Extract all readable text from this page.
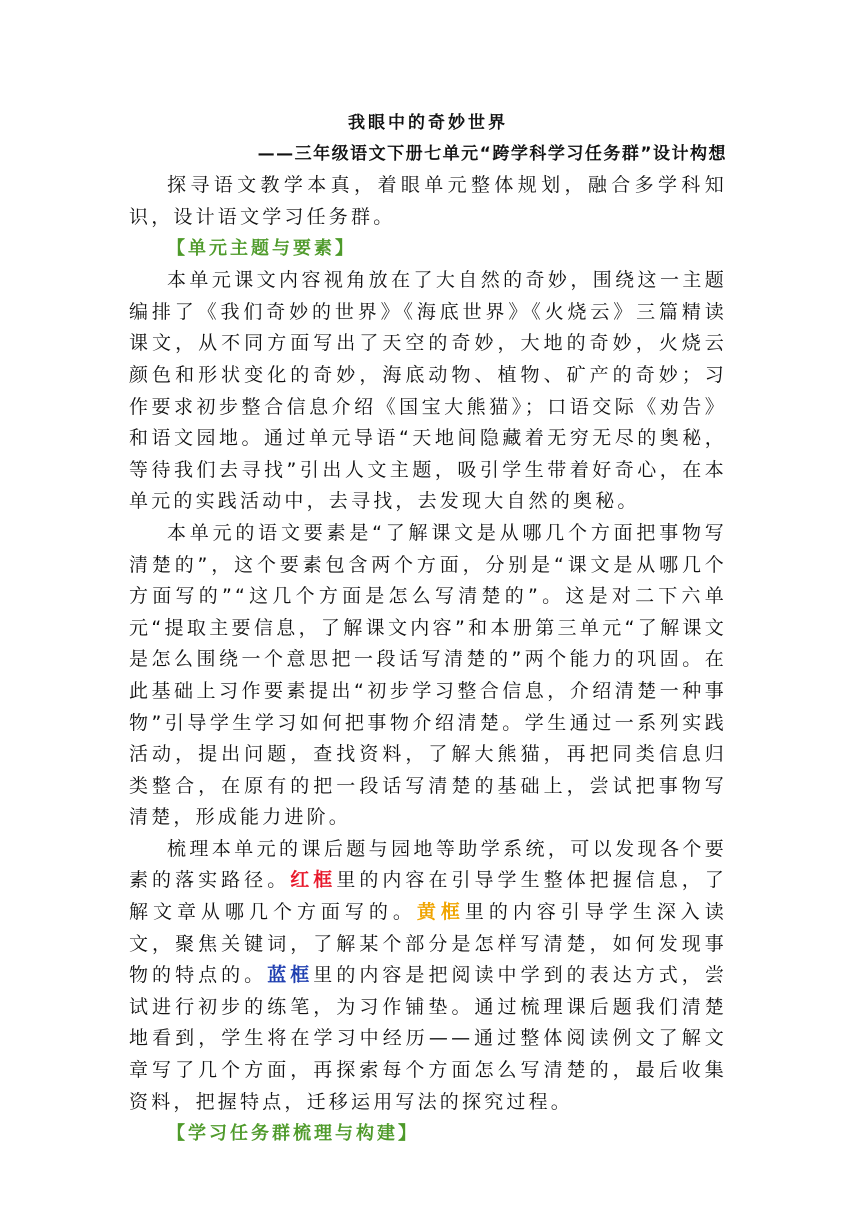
我眼中的奇妙世界
——三年级语文下册七单元“跨学科学习任务群”设计构想

探寻语文教学本真，着眼单元整体规划，融合多学科知识，设计语文学习任务群。

【单元主题与要素】

本单元课文内容视角放在了大自然的奇妙，围绕这一主题编排了《我们奇妙的世界》《海底世界》《火烧云》三篇精读课文，从不同方面写出了天空的奇妙，大地的奇妙，火烧云颜色和形状变化的奇妙，海底动物、植物、矿产的奇妙；习作要求初步整合信息介绍《国宝大熊猫》；口语交际《劝告》和语文园地。通过单元导语“天地间隐藏着无穷无尽的奥秘，等待我们去寻找”引出人文主题，吸引学生带着好奇心，在本单元的实践活动中，去寻找，去发现大自然的奥秘。

本单元的语文要素是“了解课文是从哪几个方面把事物写清楚的”，这个要素包含两个方面，分别是“课文是从哪几个方面写的”“这几个方面是怎么写清楚的”。这是对二下六单元“提取主要信息，了解课文内容”和本册第三单元“了解课文是怎么围绕一个意思把一段话写清楚的”两个能力的巩固。在此基础上习作要素提出“初步学习整合信息，介绍清楚一种事物”引导学生学习如何把事物介绍清楚。学生通过一系列实践活动，提出问题，查找资料，了解大熊猫，再把同类信息归类整合，在原有的把一段话写清楚的基础上，尝试把事物写清楚，形成能力进阶。

梳理本单元的课后题与园地等助学系统，可以发现各个要素的落实路径。红框里的内容在引导学生整体把握信息，了解文章从哪几个方面写的。黄框里的内容引导学生深入读文，聚焦关键词，了解某个部分是怎样写清楚，如何发现事物的特点的。蓝框里的内容是把阅读中学到的表达方式，尝试进行初步的练笔，为习作铺垫。通过梳理课后题我们清楚地看到，学生将在学习中经历——通过整体阅读例文了解文章写了几个方面，再探索每个方面怎么写清楚的，最后收集资料，把握特点，迁移运用写法的探究过程。

【学习任务群梳理与构建】
